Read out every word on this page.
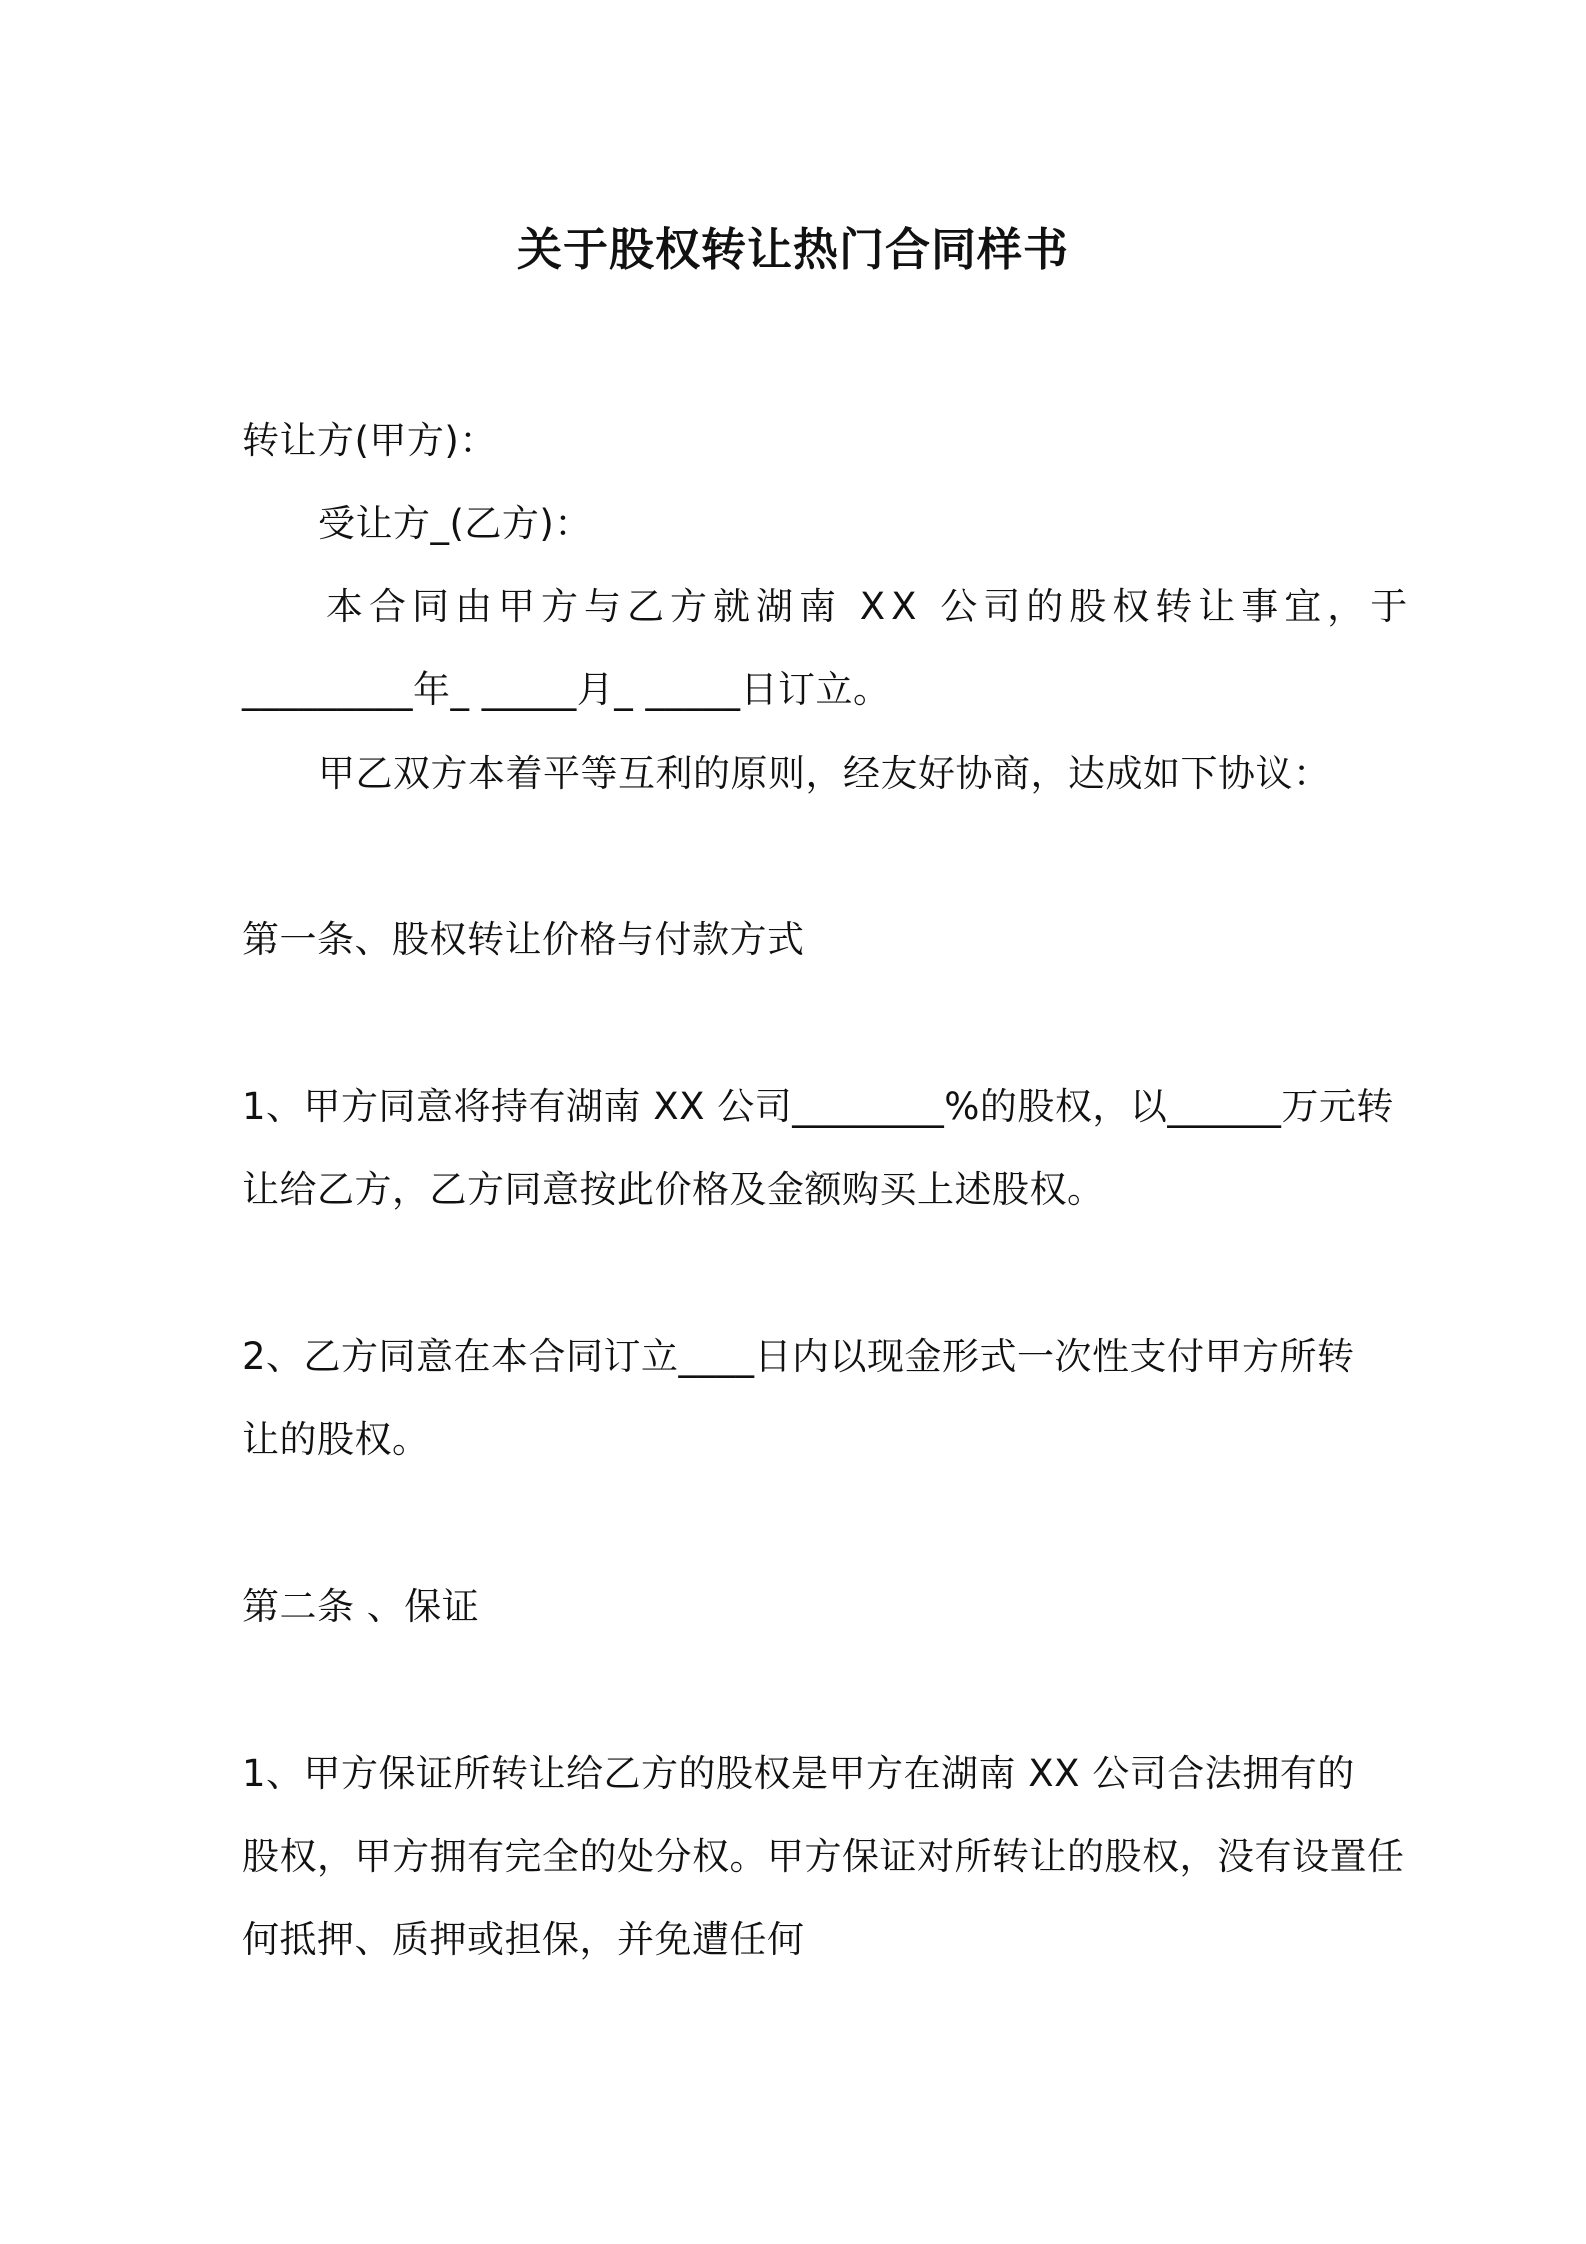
关于股权转让热门合同样书
转让方(甲方)：
受让方_(乙方)：
本合同由甲方与乙方就湖南 XX 公司的股权转让事宜，于
_________年_ _____月_ _____日订立。
甲乙双方本着平等互利的原则，经友好协商，达成如下协议：
第一条、股权转让价格与付款方式
1、甲方同意将持有湖南 XX 公司________%的股权，以______万元转
让给乙方，乙方同意按此价格及金额购买上述股权。
2、乙方同意在本合同订立____日内以现金形式一次性支付甲方所转
让的股权。
第二条 、保证
1、甲方保证所转让给乙方的股权是甲方在湖南 XX 公司合法拥有的
股权，甲方拥有完全的处分权。甲方保证对所转让的股权，没有设置任
何抵押、质押或担保，并免遭任何
